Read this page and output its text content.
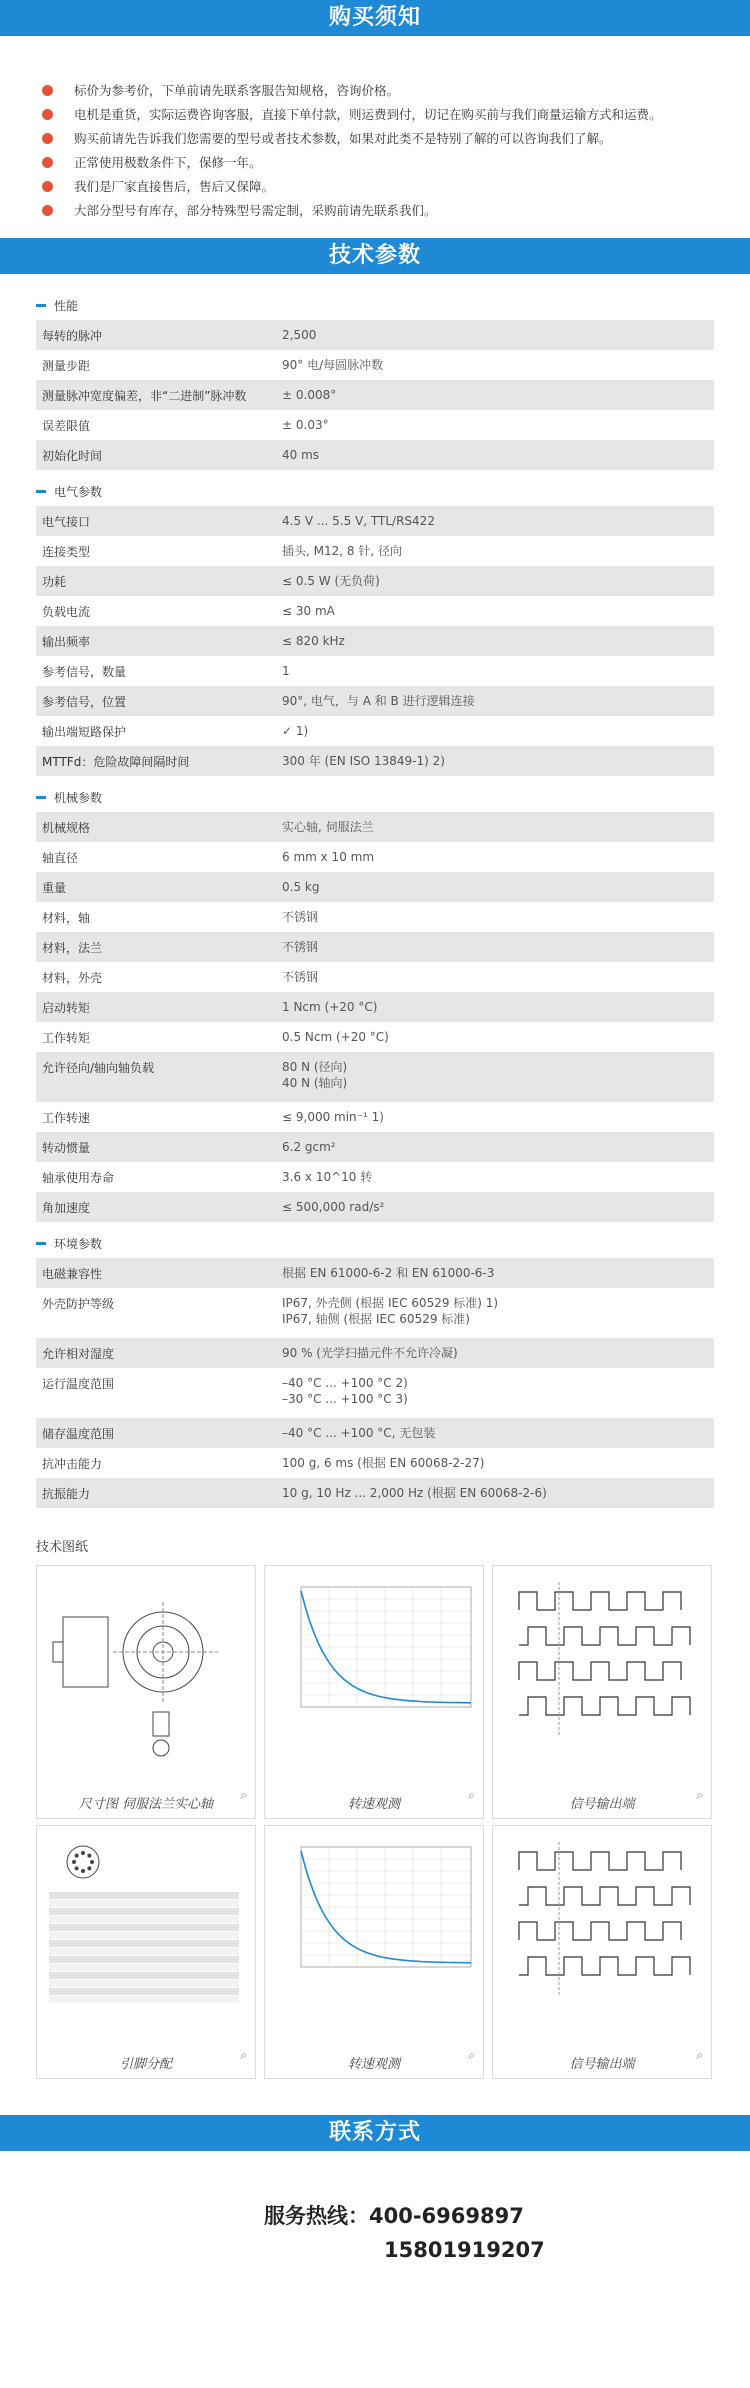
购买须知
标价为参考价，下单前请先联系客服告知规格，咨询价格。
电机是重货，实际运费咨询客服，直接下单付款，则运费到付，切记在购买前与我们商量运输方式和运费。
购买前请先告诉我们您需要的型号或者技术参数，如果对此类不是特别了解的可以咨询我们了解。
正常使用极数条件下，保修一年。
我们是厂家直接售后，售后又保障。
大部分型号有库存，部分特殊型号需定制，采购前请先联系我们。
技术参数
性能
每转的脉冲	2,500
测量步距	90° 电/每圆脉冲数
测量脉冲宽度偏差，非“二进制”脉冲数	± 0.008°
误差限值	± 0.03°
初始化时间	40 ms
电气参数
电气接口	4.5 V ... 5.5 V, TTL/RS422
连接类型	插头, M12, 8 针, 径向
功耗	≤ 0.5 W (无负荷)
负载电流	≤ 30 mA
输出频率	≤ 820 kHz
参考信号，数量	1
参考信号，位置	90°, 电气，与 A 和 B 进行逻辑连接
输出端短路保护	✓ 1)
MTTFd：危险故障间隔时间	300 年 (EN ISO 13849-1) 2)
机械参数
机械规格	实心轴, 伺服法兰
轴直径	6 mm x 10 mm
重量	0.5 kg
材料，轴	不锈钢
材料，法兰	不锈钢
材料，外壳	不锈钢
启动转矩	1 Ncm (+20 °C)
工作转矩	0.5 Ncm (+20 °C)
允许径向/轴向轴负载	80 N (径向)
40 N (轴向)
工作转速	≤ 9,000 min⁻¹ 1)
转动惯量	6.2 gcm²
轴承使用寿命	3.6 x 10^10 转
角加速度	≤ 500,000 rad/s²
环境参数
电磁兼容性	根据 EN 61000-6-2 和 EN 61000-6-3
外壳防护等级	IP67, 外壳侧 (根据 IEC 60529 标准) 1)
IP67, 轴侧 (根据 IEC 60529 标准)
允许相对湿度	90 % (光学扫描元件不允许冷凝)
运行温度范围	–40 °C ... +100 °C 2)
–30 °C ... +100 °C 3)
储存温度范围	–40 °C ... +100 °C, 无包装
抗冲击能力	100 g, 6 ms (根据 EN 60068-2-27)
抗振能力	10 g, 10 Hz ... 2,000 Hz (根据 EN 60068-2-6)
技术图纸
⌕
尺寸图 伺服法兰实心轴
⌕
转速观测
⌕
信号输出端
⌕
引脚分配
⌕
转速观测
⌕
信号输出端
联系方式
服务热线：400-6969897
15801919207
